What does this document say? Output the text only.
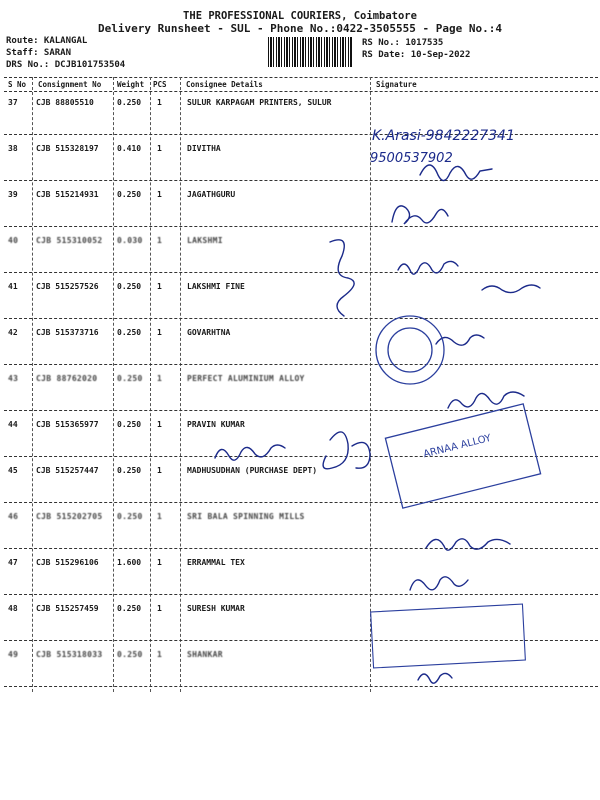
THE PROFESSIONAL COURIERS, Coimbatore
Delivery Runsheet - SUL - Phone No.:0422-3505555 - Page No.:4
Route: KALANGAL
Staff: SARAN
DRS No.: DCJB101753504
RS No.: 1017535
RS Date: 10-Sep-2022
S No Consignment No Weight PCS	Consignee Details	Signature
37 CJB 88805510	0.250 1	SULUR KARPAGAM PRINTERS, SULUR
38 CJB 515328197 0.410 1	DIVITHA
39 CJB 515214931 0.250 1	JAGATHGURU
40 CJB 515310052 0.030 1	LAKSHMI
41 CJB 515257526 0.250 1	LAKSHMI FINE
42 CJB 515373716 0.250 1	GOVARHTNA
43 CJB 88762020 0.250 1	PERFECT ALUMINIUM ALLOY
44 CJB 515365977 0.250 1	PRAVIN KUMAR
45 CJB 515257447 0.250 1	MADHUSUDHAN (PURCHASE DEPT)
46 CJB 515202705 0.250 1	SRI BALA SPINNING MILLS
47 CJB 515296106 1.600 1	ERRAMMAL TEX
48 CJB 515257459 0.250 1	SURESH KUMAR
49 CJB 515318033 0.250 1	SHANKAR
K.Arasi-9842227341
9500537902
ARNAA ALLOY
